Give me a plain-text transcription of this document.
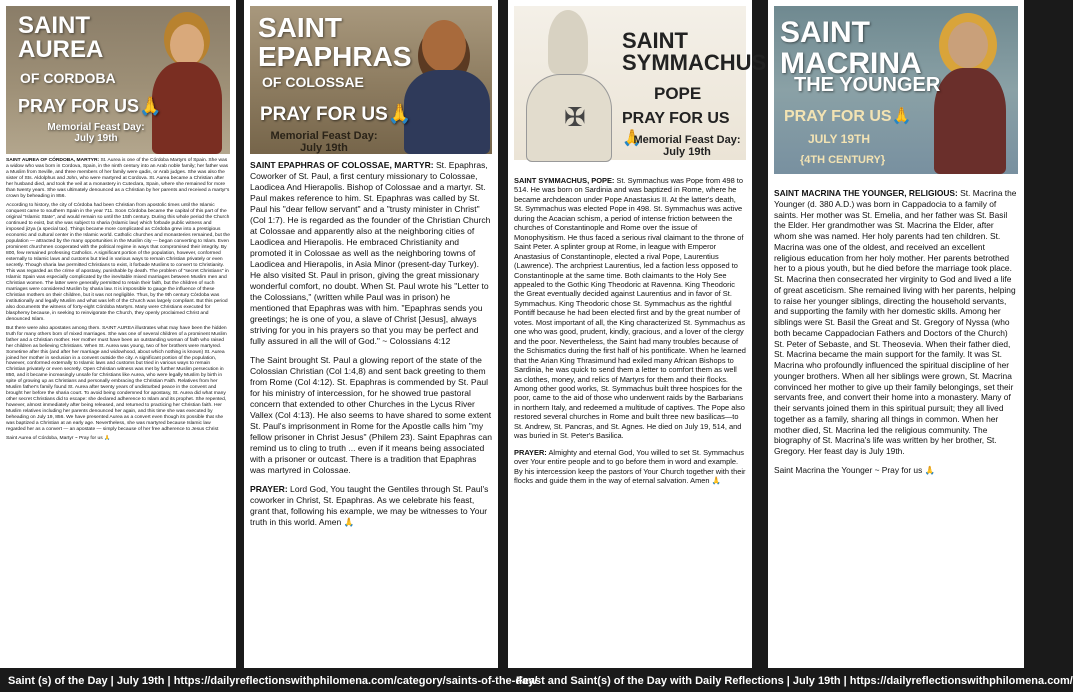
SAINT
AUREA
OF CORDOBA
PRAY FOR US🙏
Memorial Feast Day:
July 19th

SAINT AUREA OF CÓRDOBA, MARTYR: St. Aurea is one of the Córdoba Martyrs of Spain. She was a widow who was born in Cordova, Spain, in the ninth century into an Arab noble family; her father was a Muslim from Seville, and three members of her family were qadis, or Arab judges. She was also the sister of Sts. Aldolphus and John, who were martyred at Cordova. St. Aurea became a Christian after her husband died, and took the veil at a monastery in Cuteclara, Spain, where she remained for more than twenty years. She was ultimately denounced as a Christian by her parents and received a martyr's crown by beheading in 856.

According to history, the city of Córdoba had been Christian from apostolic times until the Islamic conquest came to southern Spain in the year 711. Soon Córdoba became the capital of this part of the original "Islamic State", and would remain so until the 15th century. During this whole period the Church continued to exist, but she was subject to sharia (Islamic law) which forbade public witness and imposed jizya (a special tax). Things became more complicated as Córdoba grew into a prestigious economic and cultural center in the Islamic world. Catholic churches and monasteries remained, but the population — attracted by the many opportunities in the Muslim city — began converting to Islam. Even prominent churchmen cooperated with the political regime in ways that compromised their integrity. By 800, few remained professing Catholics. A significant portion of the population, however, conformed externally to Islamic laws and customs but tried in various ways to remain Christian privately or even secretly. Though sharia law permitted Christians to exist, it forbade Muslims to convert to Christianity. This was regarded as the crime of apostasy, punishable by death. The problem of "secret Christians" in Islamic Spain was especially complicated by the inevitable mixed marriages between Muslim men and Christian women. The latter were generally permitted to retain their faith, but the children of such marriages were considered Muslim by sharia law. It is impossible to gauge the influence of these Christian mothers on their children, but it was not negligible. Thus, by the 9th century Córdoba was institutionally and legally Muslim and what was left of the Church was largely compliant. But this period also documents the witness of forty-eight Córdoba Martyrs. Many were Christians executed for blasphemy because, in seeking to reinvigorate the Church, they openly proclaimed Christ and denounced Islam.

But there were also apostates among them. SAINT AUREA illustrates what may have been the hidden truth for many others born of mixed marriages. She was one of several children of a prominent Muslim father and a Christian mother. Her mother must have been an outstanding woman of faith who raised her children as believing Christians. When St. Aurea was young, two of her brothers were martyred. Sometime after this (and after her marriage and widowhood, about which nothing is known) St. Aurea joined her mother in seclusion in a convent outside the city. A significant portion of the population, however, conformed externally to Islamic laws and customs but tried in various ways to remain Christian privately or even secretly. Open Christian witness was met by further Muslim persecution in 850, and it became increasingly unsafe for Christians like Aurea, who were legally Muslim by birth in spite of growing up as Christians and personally embracing the Christian Faith. Relatives from her Muslim father's family found St. Aurea after twenty years of undisturbed peace in the convent and brought her before the sharia court. To avoid being condemned for apostasy, St. Aurea did what many other secret Christians did to escape: she declared adherence to Islam and its prophet. She repented, however, almost immediately after being released, and returned to practicing her Christian faith. Her Muslim relatives including her parents denounced her again, and this time she was executed by beheading on July 19, 856. We have presented Aurea as a convert even though its possible that she was baptized a Christian at an early age. Nevertheless, she was martyred because Islamic law regarded her as a convert — an apostate — simply because of her free adherence to Jesus Christ

Saint Aurea of Córdoba, Martyr ~ Pray for us 🙏

SAINT
EPAPHRAS
OF COLOSSAE
PRAY FOR US🙏
Memorial Feast Day:
July 19th

SAINT EPAPHRAS OF COLOSSAE, MARTYR: St. Epaphras, Coworker of St. Paul, a first century missionary to Colossae, Laodicea And Hierapolis. Bishop of Colossae and a martyr. St. Paul makes reference to him. St. Epaphras was called by St. Paul his "dear fellow servant" and a "trusty minister in Christ" (Col 1:7). He is regarded as the founder of the Christian Church at Colossae and apparently also at the neighboring cities of Laodicea and Hierapolis. He embraced Christianity and promoted it in Colossae as well as the neighboring towns of Laodicea and Hierapolis, in Asia Minor (present-day Turkey). He also visited St. Paul in prison, giving the great missionary wonderful comfort, no doubt. When St. Paul wrote his "Letter to the Colossians," (written while Paul was in prison) he mentioned that Epaphras was with him. "Epaphras sends you greetings; he is one of you, a slave of Christ [Jesus], always striving for you in his prayers so that you may be perfect and fully assured in all the will of God." ~ Colossians 4:12

The Saint brought St. Paul a glowing report of the state of the Colossian Christian (Col 1:4,8) and sent back greeting to them from Rome (Col 4:12). St. Epaphras is commended by St. Paul for his ministry of intercession, for he showed true pastoral concern that extended to other Churches in the Lycus River Vallex (Col 4:13). He also seems to have shared to some extent St. Paul's imprisonment in Rome for the Apostle calls him "my fellow prisoner in Christ Jesus" (Philem 23). Saint Epaphras can remind us to cling to truth ... even if it means being associated with a prisoner or outcast. There is a tradition that Epaphras was martyred in Colossae.

PRAYER: Lord God, You taught the Gentiles through St. Paul's coworker in Christ, St. Epaphras. As we celebrate his feast, grant that, following his example, we may be witnesses to Your truth in this world. Amen 🙏

✠
SAINT
SYMMACHUS
POPE
PRAY FOR US🙏
Memorial Feast Day:
July 19th

SAINT SYMMACHUS, POPE: St. Symmachus was Pope from 498 to 514. He was born on Sardinia and was baptized in Rome, where he became archdeacon under Pope Anastasius II. At the latter's death, St. Symmachus was elected Pope in 498. St. Symmachus was active during the Acacian schism, a period of intense friction between the churches of Constantinople and Rome over the issue of Monophysitism. He thus faced a serious rival claimant to the throne of Saint Peter. A splinter group at Rome, in league with Emperor Anastasius of Constantinople, elected a rival Pope, Laurentius (Lawrence). The archpriest Laurentius, led a faction less opposed to Constantinople at the same time. Both claimants to the Holy See appealed to the Gothic King Theodoric at Ravenna. King Theodoric the Great eventually decided against Laurentius and in favor of St. Symmachus. King Theodoric chose St. Symmachus as the rightful Pontiff because he had been elected first and by the great number of votes. Most important of all, the King characterized St. Symmachus as one who was good, prudent, kindly, gracious, and a lover of the clergy and the poor. Nevertheless, the Saint had many troubles because of the Schismatics during the first half of his pontificate. When he learned that the Arian King Thrasimund had exiled many African Bishops to Sardinia, he was quick to send them a letter to comfort them as well as clothes, money, and relics of Martyrs for them and their flocks. Among other good works, St. Symmachus built three hospices for the poor, came to the aid of those who underwent raids by the Barbarians in northern Italy, and redeemed a multitude of captives. The Pope also restored several churches in Rome and built three new basilicas—to St. Andrew, St. Pancras, and St. Agnes. He died on July 19, 514, and was buried in St. Peter's Basilica.

PRAYER: Almighty and eternal God, You willed to set St. Symmachus over Your entire people and to go before them in word and example. By his intercession keep the pastors of Your Church together with their flocks and guide them in the way of eternal salvation. Amen 🙏

SAINT
MACRINA
THE YOUNGER
PRAY FOR US🙏
JULY 19TH
{4TH CENTURY}

SAINT MACRINA THE YOUNGER, RELIGIOUS: St. Macrina the Younger (d. 380 A.D.) was born in Cappadocia to a family of saints. Her mother was St. Emelia, and her father was St. Basil the Elder. Her grandmother was St. Macrina the Elder, after whom she was named. Her holy parents had ten children. St. Macrina was one of the oldest, and received an excellent religious education from her holy mother. Her parents betrothed her to a pious youth, but he died before the marriage took place. St. Macrina then consecrated her virginity to God and lived a life of great asceticism. She remained living with her parents, helping to raise her younger siblings, directing the household servants, and supporting the family with her domestic skills. Among her siblings were St. Basil the Great and St. Gregory of Nyssa (who both became Cappadocian Fathers and Doctors of the Church) St. Peter of Sebaste, and St. Theosevia. When their father died, St. Macrina became the main support for the family. It was St. Macrina who profoundly influenced the spiritual discipline of her younger brothers. When all her siblings were grown, St. Macrina convinced her mother to give up their family belongings, set their servants free, and convert their home into a monastery. Many of their servants joined them in this spiritual pursuit; they all lived together as a family, sharing all things in common. When her mother died, St. Macrina led the religious community. The biography of St. Macrina's life was written by her brother, St. Gregory. Her feast day is July 19th.

Saint Macrina the Younger ~ Pray for us 🙏

Saint (s) of the Day | July 19th | https://dailyreflectionswithphilomena.com/category/saints-of-the-day/
Feast and Saint(s) of the Day with Daily Reflections | July 19th | https://dailyreflectionswithphilomena.com/
